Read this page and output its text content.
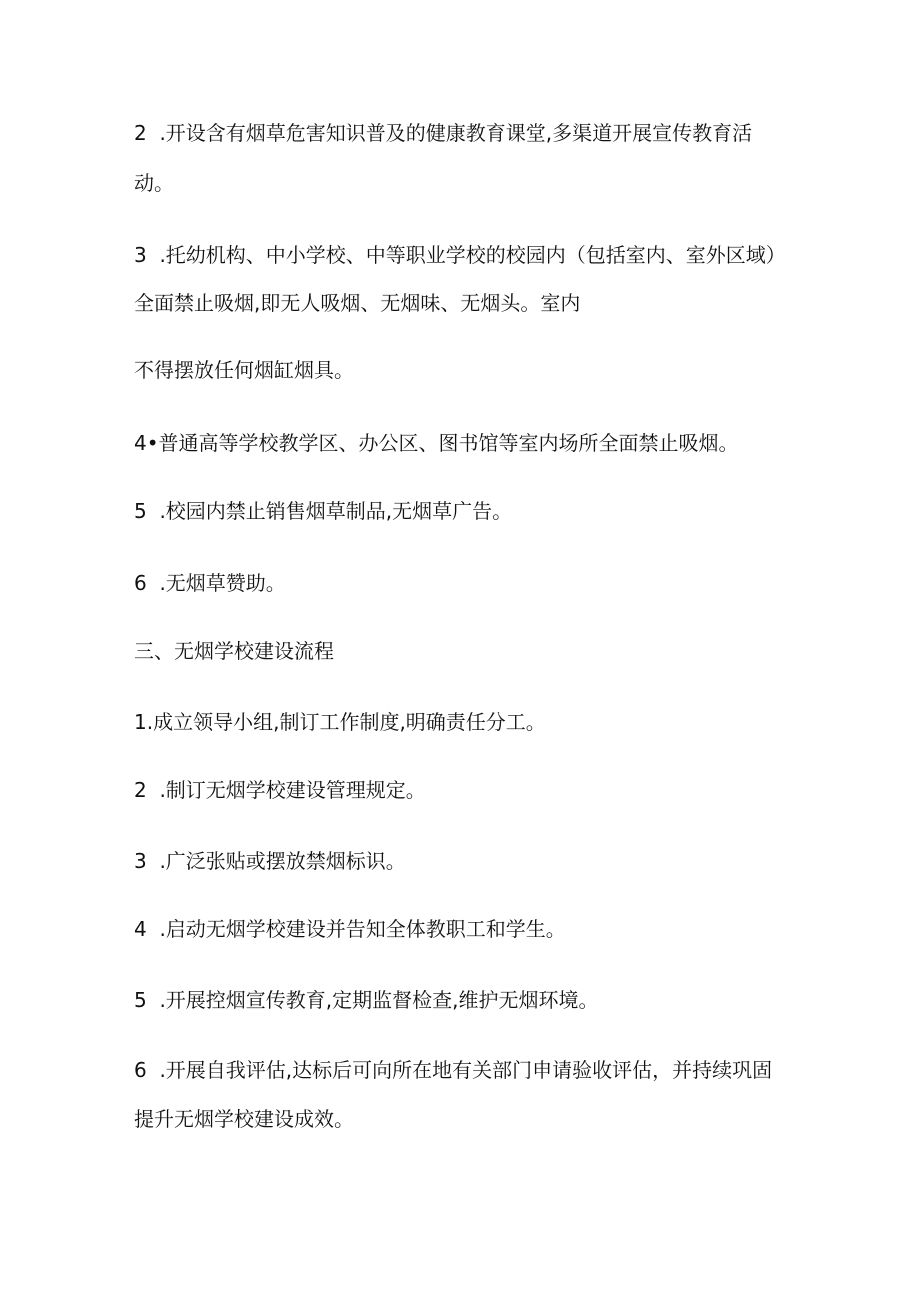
2  .开设含有烟草危害知识普及的健康教育课堂,多渠道开展宣传教育活
动。
3  .托幼机构、中小学校、中等职业学校的校园内（包括室内、室外区域）
全面禁止吸烟,即无人吸烟、无烟味、无烟头。室内
不得摆放任何烟缸烟具。
4•普通高等学校教学区、办公区、图书馆等室内场所全面禁止吸烟。
5  .校园内禁止销售烟草制品,无烟草广告。
6  .无烟草赞助。
三、无烟学校建设流程
1.成立领导小组,制订工作制度,明确责任分工。
2  .制订无烟学校建设管理规定。
3  .广泛张贴或摆放禁烟标识。
4  .启动无烟学校建设并告知全体教职工和学生。
5  .开展控烟宣传教育,定期监督检查,维护无烟环境。
6  .开展自我评估,达标后可向所在地有关部门申请验收评估，并持续巩固
提升无烟学校建设成效。
